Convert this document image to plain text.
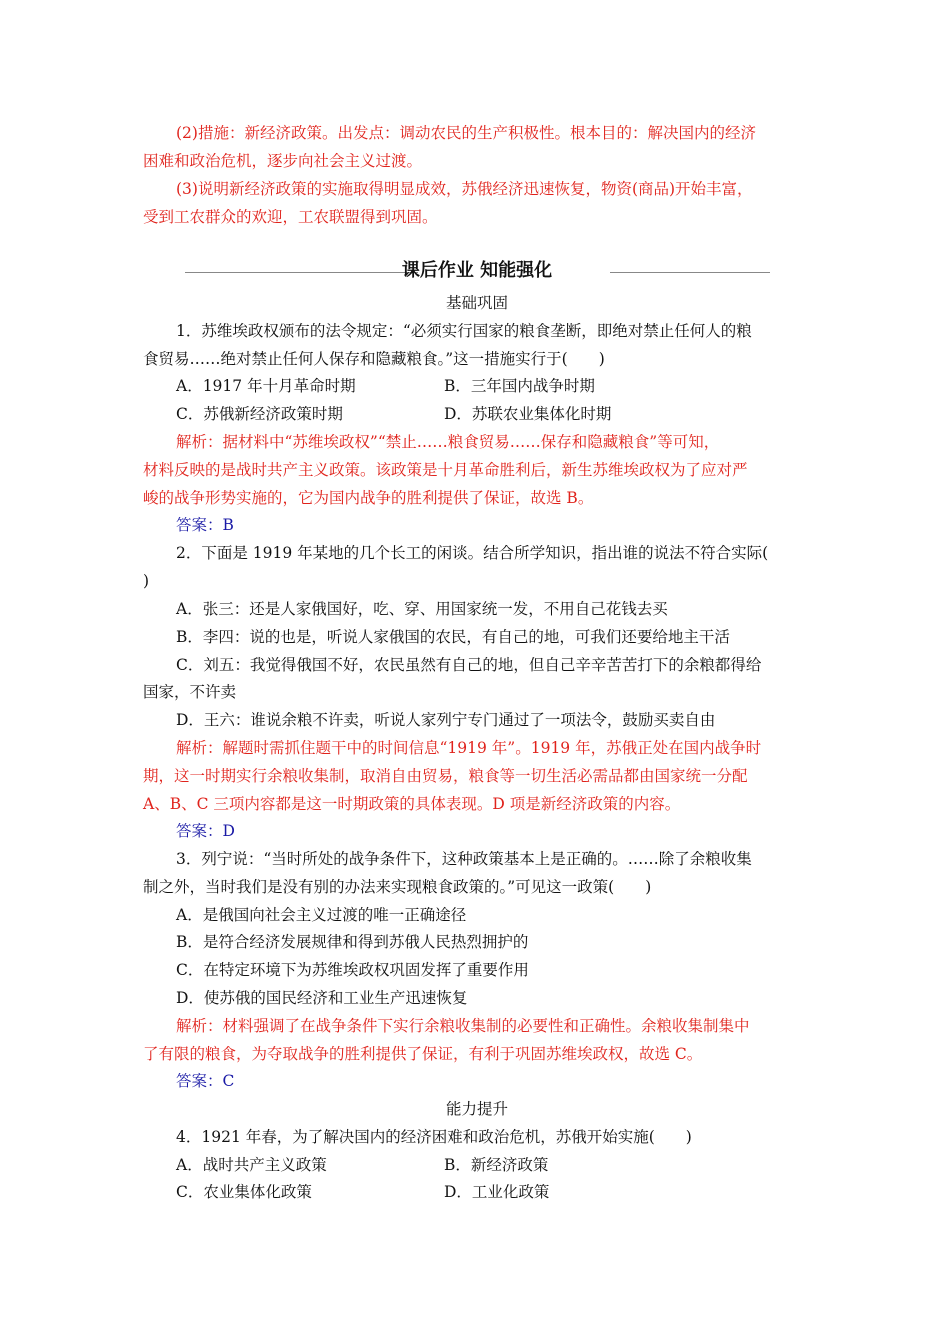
(2)措施：新经济政策。出发点：调动农民的生产积极性。根本目的：解决国内的经济
困难和政治危机，逐步向社会主义过渡。
(3)说明新经济政策的实施取得明显成效，苏俄经济迅速恢复，物资(商品)开始丰富，
受到工农群众的欢迎，工农联盟得到巩固。
课后作业 知能强化
基础巩固
1．苏维埃政权颁布的法令规定：“必须实行国家的粮食垄断，即绝对禁止任何人的粮
食贸易……绝对禁止任何人保存和隐藏粮食。”这一措施实行于(　　)
A．1917 年十月革命时期	B．三年国内战争时期
C．苏俄新经济政策时期	D．苏联农业集体化时期
解析：据材料中“苏维埃政权”“禁止……粮食贸易……保存和隐藏粮食”等可知，
材料反映的是战时共产主义政策。该政策是十月革命胜利后，新生苏维埃政权为了应对严
峻的战争形势实施的，它为国内战争的胜利提供了保证，故选 B。
答案：B
2．下面是 1919 年某地的几个长工的闲谈。结合所学知识，指出谁的说法不符合实际(
)
A．张三：还是人家俄国好，吃、穿、用国家统一发，不用自己花钱去买
B．李四：说的也是，听说人家俄国的农民，有自己的地，可我们还要给地主干活
C．刘五：我觉得俄国不好，农民虽然有自己的地，但自己辛辛苦苦打下的余粮都得给
国家，不许卖
D．王六：谁说余粮不许卖，听说人家列宁专门通过了一项法令，鼓励买卖自由
解析：解题时需抓住题干中的时间信息“1919 年”。1919 年，苏俄正处在国内战争时
期，这一时期实行余粮收集制，取消自由贸易，粮食等一切生活必需品都由国家统一分配
A、B、C 三项内容都是这一时期政策的具体表现。D 项是新经济政策的内容。
答案：D
3．列宁说：“当时所处的战争条件下，这种政策基本上是正确的。……除了余粮收集
制之外，当时我们是没有别的办法来实现粮食政策的。”可见这一政策(　　)
A．是俄国向社会主义过渡的唯一正确途径
B．是符合经济发展规律和得到苏俄人民热烈拥护的
C．在特定环境下为苏维埃政权巩固发挥了重要作用
D．使苏俄的国民经济和工业生产迅速恢复
解析：材料强调了在战争条件下实行余粮收集制的必要性和正确性。余粮收集制集中
了有限的粮食，为夺取战争的胜利提供了保证，有利于巩固苏维埃政权，故选 C。
答案：C
能力提升
4．1921 年春，为了解决国内的经济困难和政治危机，苏俄开始实施(　　)
A．战时共产主义政策	B．新经济政策
C．农业集体化政策	D．工业化政策
